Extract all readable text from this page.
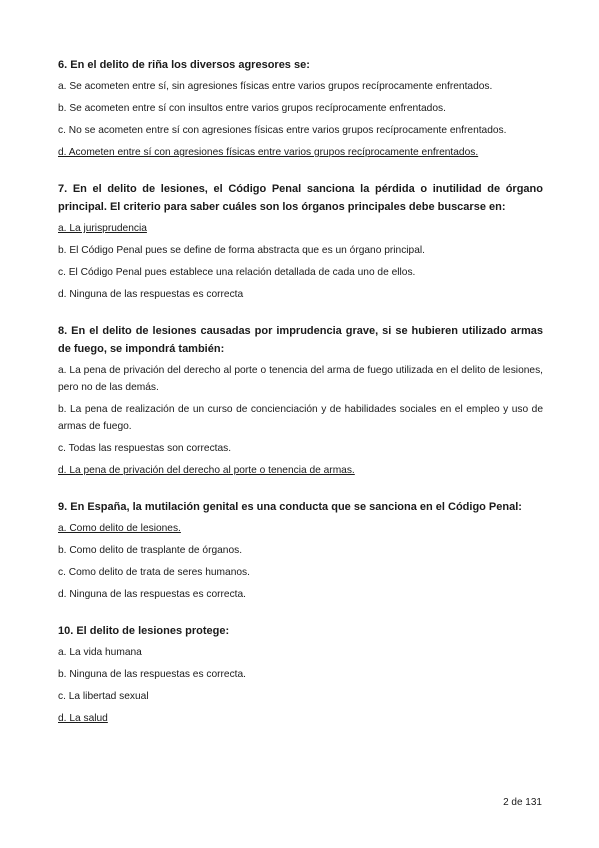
6. En el delito de riña los diversos agresores se:
a. Se acometen entre sí, sin agresiones físicas entre varios grupos recíprocamente enfrentados.
b. Se acometen entre sí con insultos entre varios grupos recíprocamente enfrentados.
c. No se acometen entre sí con agresiones físicas entre varios grupos recíprocamente enfrentados.
d. Acometen entre sí con agresiones físicas entre varios grupos recíprocamente enfrentados.
7. En el delito de lesiones, el Código Penal sanciona la pérdida o inutilidad de órgano principal. El criterio para saber cuáles son los órganos principales debe buscarse en:
a. La jurisprudencia
b. El Código Penal pues se define de forma abstracta que es un órgano principal.
c. El Código Penal pues establece una relación detallada de cada uno de ellos.
d. Ninguna de las respuestas es correcta
8. En el delito de lesiones causadas por imprudencia grave, si se hubieren utilizado armas de fuego, se impondrá también:
a. La pena de privación del derecho al porte o tenencia del arma de fuego utilizada en el delito de lesiones, pero no de las demás.
b. La pena de realización de un curso de concienciación y de habilidades sociales en el empleo y uso de armas de fuego.
c. Todas las respuestas son correctas.
d. La pena de privación del derecho al porte o tenencia de armas.
9. En España, la mutilación genital es una conducta que se sanciona en el Código Penal:
a. Como delito de lesiones.
b. Como delito de trasplante de órganos.
c. Como delito de trata de seres humanos.
d. Ninguna de las respuestas es correcta.
10. El delito de lesiones protege:
a. La vida humana
b. Ninguna de las respuestas es correcta.
c. La libertad sexual
d. La salud
2 de 131
